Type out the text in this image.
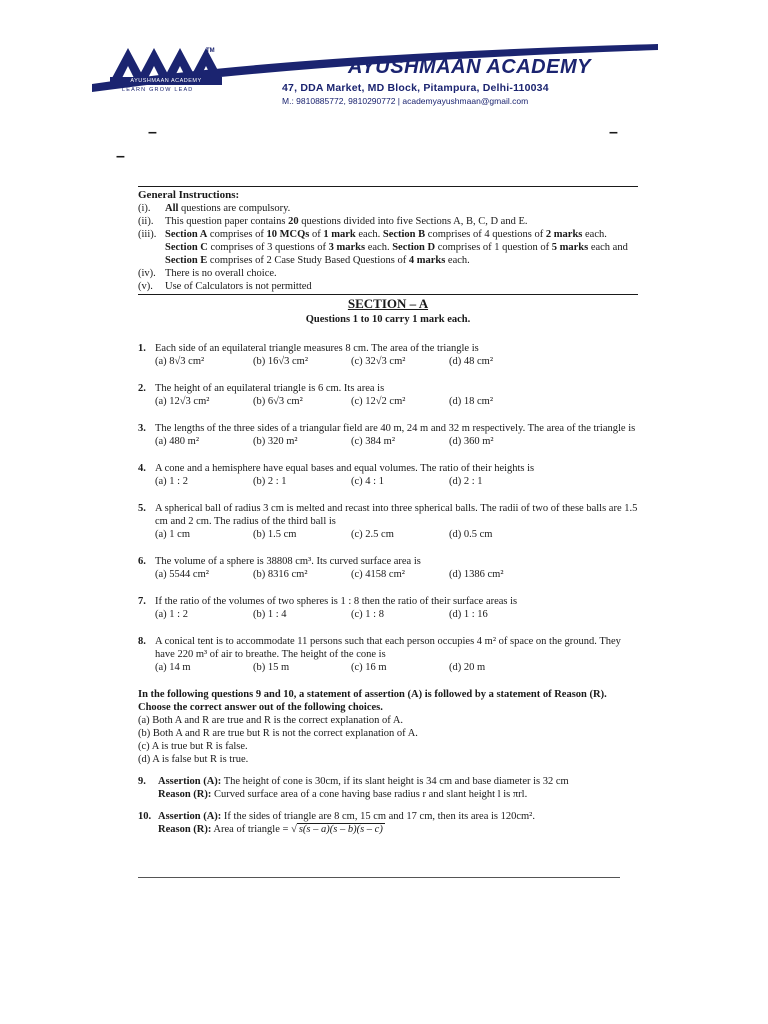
TM
AYUSHMAAN ACADEMY
LEARN GROW LEAD
AYUSHMAAN ACADEMY
47, DDA Market, MD Block, Pitampura, Delhi-110034
M.: 9810885772, 9810290772 | academyayushmaan@gmail.com
–	–
–
General Instructions:
(i).	All questions are compulsory.
(ii).	This question paper contains 20 questions divided into five Sections A, B, C, D and E.
(iii). Section A comprises of 10 MCQs of 1 mark each. Section B comprises of 4 questions of 2 marks each. Section C comprises of 3 questions of 3 marks each. Section D comprises of 1 question of 5 marks each and Section E comprises of 2 Case Study Based Questions of 4 marks each.
(iv). There is no overall choice.
(v).	Use of Calculators is not permitted
SECTION – A
Questions 1 to 10 carry 1 mark each.
1. Each side of an equilateral triangle measures 8 cm. The area of the triangle is
(a) 8√3 cm²	(b) 16√3 cm²	(c) 32√3 cm²	(d) 48 cm²
2. The height of an equilateral triangle is 6 cm. Its area is
(a) 12√3 cm²	(b) 6√3 cm²	(c) 12√2 cm²	(d) 18 cm²
3. The lengths of the three sides of a triangular field are 40 m, 24 m and 32 m respectively. The area of the triangle is
(a) 480 m²	(b) 320 m²	(c) 384 m²	(d) 360 m²
4. A cone and a hemisphere have equal bases and equal volumes. The ratio of their heights is
(a) 1 : 2	(b) 2 : 1	(c) 4 : 1	(d) 2 : 1
5. A spherical ball of radius 3 cm is melted and recast into three spherical balls. The radii of two of these balls are 1.5 cm and 2 cm. The radius of the third ball is
(a) 1 cm	(b) 1.5 cm	(c) 2.5 cm	(d) 0.5 cm
6. The volume of a sphere is 38808 cm³. Its curved surface area is
(a) 5544 cm²	(b) 8316 cm²	(c) 4158 cm²	(d) 1386 cm²
7. If the ratio of the volumes of two spheres is 1 : 8 then the ratio of their surface areas is
(a) 1 : 2	(b) 1 : 4	(c) 1 : 8	(d) 1 : 16
8. A conical tent is to accommodate 11 persons such that each person occupies 4 m² of space on the ground. They have 220 m³ of air to breathe. The height of the cone is
(a) 14 m	(b) 15 m	(c) 16 m	(d) 20 m
In the following questions 9 and 10, a statement of assertion (A) is followed by a statement of Reason (R). Choose the correct answer out of the following choices.
(a) Both A and R are true and R is the correct explanation of A.
(b) Both A and R are true but R is not the correct explanation of A.
(c) A is true but R is false.
(d) A is false but R is true.
9.	Assertion (A): The height of cone is 30cm, if its slant height is 34 cm and base diameter is 32 cm
Reason (R): Curved surface area of a cone having base radius r and slant height l is πrl.
10. Assertion (A): If the sides of triangle are 8 cm, 15 cm and 17 cm, then its area is 120cm².
Reason (R): Area of triangle = √ s(s – a)(s – b)(s – c)
